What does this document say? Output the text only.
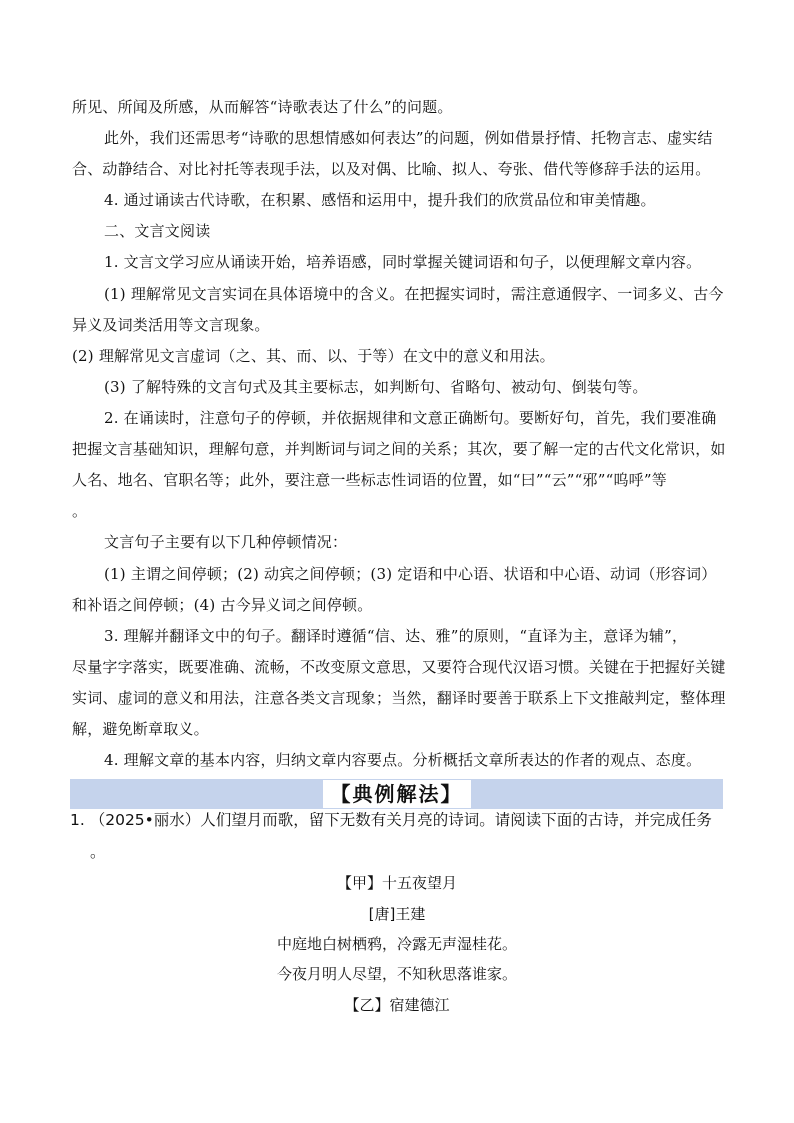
所见、所闻及所感，从而解答“诗歌表达了什么”的问题。
此外，我们还需思考“诗歌的思想情感如何表达”的问题，例如借景抒情、托物言志、虚实结
合、动静结合、对比衬托等表现手法，以及对偶、比喻、拟人、夸张、借代等修辞手法的运用。
4. 通过诵读古代诗歌，在积累、感悟和运用中，提升我们的欣赏品位和审美情趣。
二、文言文阅读
1. 文言文学习应从诵读开始，培养语感，同时掌握关键词语和句子，以便理解文章内容。
(1) 理解常见文言实词在具体语境中的含义。在把握实词时，需注意通假字、一词多义、古今
异义及词类活用等文言现象。
(2) 理解常见文言虚词（之、其、而、以、于等）在文中的意义和用法。
(3) 了解特殊的文言句式及其主要标志，如判断句、省略句、被动句、倒装句等。
2. 在诵读时，注意句子的停顿，并依据规律和文意正确断句。要断好句，首先，我们要准确
把握文言基础知识，理解句意，并判断词与词之间的关系；其次，要了解一定的古代文化常识，如
人名、地名、官职名等；此外，要注意一些标志性词语的位置，如“曰”“云”“邪”“呜呼”等
。
文言句子主要有以下几种停顿情况：
(1) 主谓之间停顿；(2) 动宾之间停顿；(3) 定语和中心语、状语和中心语、动词（形容词）
和补语之间停顿；(4) 古今异义词之间停顿。
3. 理解并翻译文中的句子。翻译时遵循“信、达、雅”的原则，“直译为主，意译为辅”，
尽量字字落实，既要准确、流畅，不改变原文意思，又要符合现代汉语习惯。关键在于把握好关键
实词、虚词的意义和用法，注意各类文言现象；当然，翻译时要善于联系上下文推敲判定，整体理
解，避免断章取义。
4. 理解文章的基本内容，归纳文章内容要点。分析概括文章所表达的作者的观点、态度。
【典例解法】
1. （2025•丽水）人们望月而歌，留下无数有关月亮的诗词。请阅读下面的古诗，并完成任务
。
【甲】十五夜望月
[唐]王建
中庭地白树栖鸦，冷露无声湿桂花。
今夜月明人尽望，不知秋思落谁家。
【乙】宿建德江
